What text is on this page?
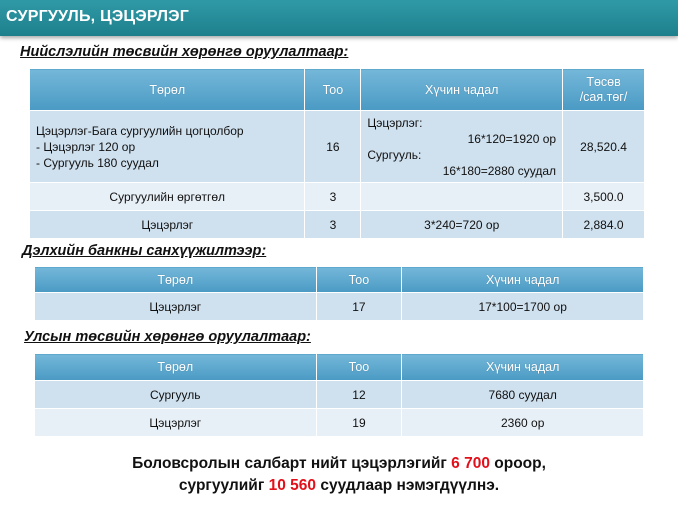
СУРГУУЛЬ, ЦЭЦЭРЛЭГ
Нийслэлийн төсвийн хөрөнгө оруулалтаар:
Төрөл	Тоо	Хүчин чадал	Төсөв
/сая.төг/
Цэцэрлэг-Бага сургуулийн цогцолбор
- Цэцэрлэг 120 ор
- Сургууль 180 суудал	16	Цэцэрлэг:
16*120=1920 ор
Сургууль:
16*180=2880 суудал	28,520.4
Сургуулийн өргөтгөл	3		3,500.0
Цэцэрлэг	3	3*240=720 ор	2,884.0
Дэлхийн банкны санхүүжилтээр:
Төрөл	Тоо	Хүчин чадал
Цэцэрлэг	17	17*100=1700 ор
Улсын төсвийн хөрөнгө оруулалтаар:
Төрөл	Тоо	Хүчин чадал
Сургууль	12	7680 суудал
Цэцэрлэг	19	2360 ор
Боловсролын салбарт нийт цэцэрлэгийг 6 700 ороор,
сургуулийг 10 560 суудлаар нэмэгдүүлнэ.
